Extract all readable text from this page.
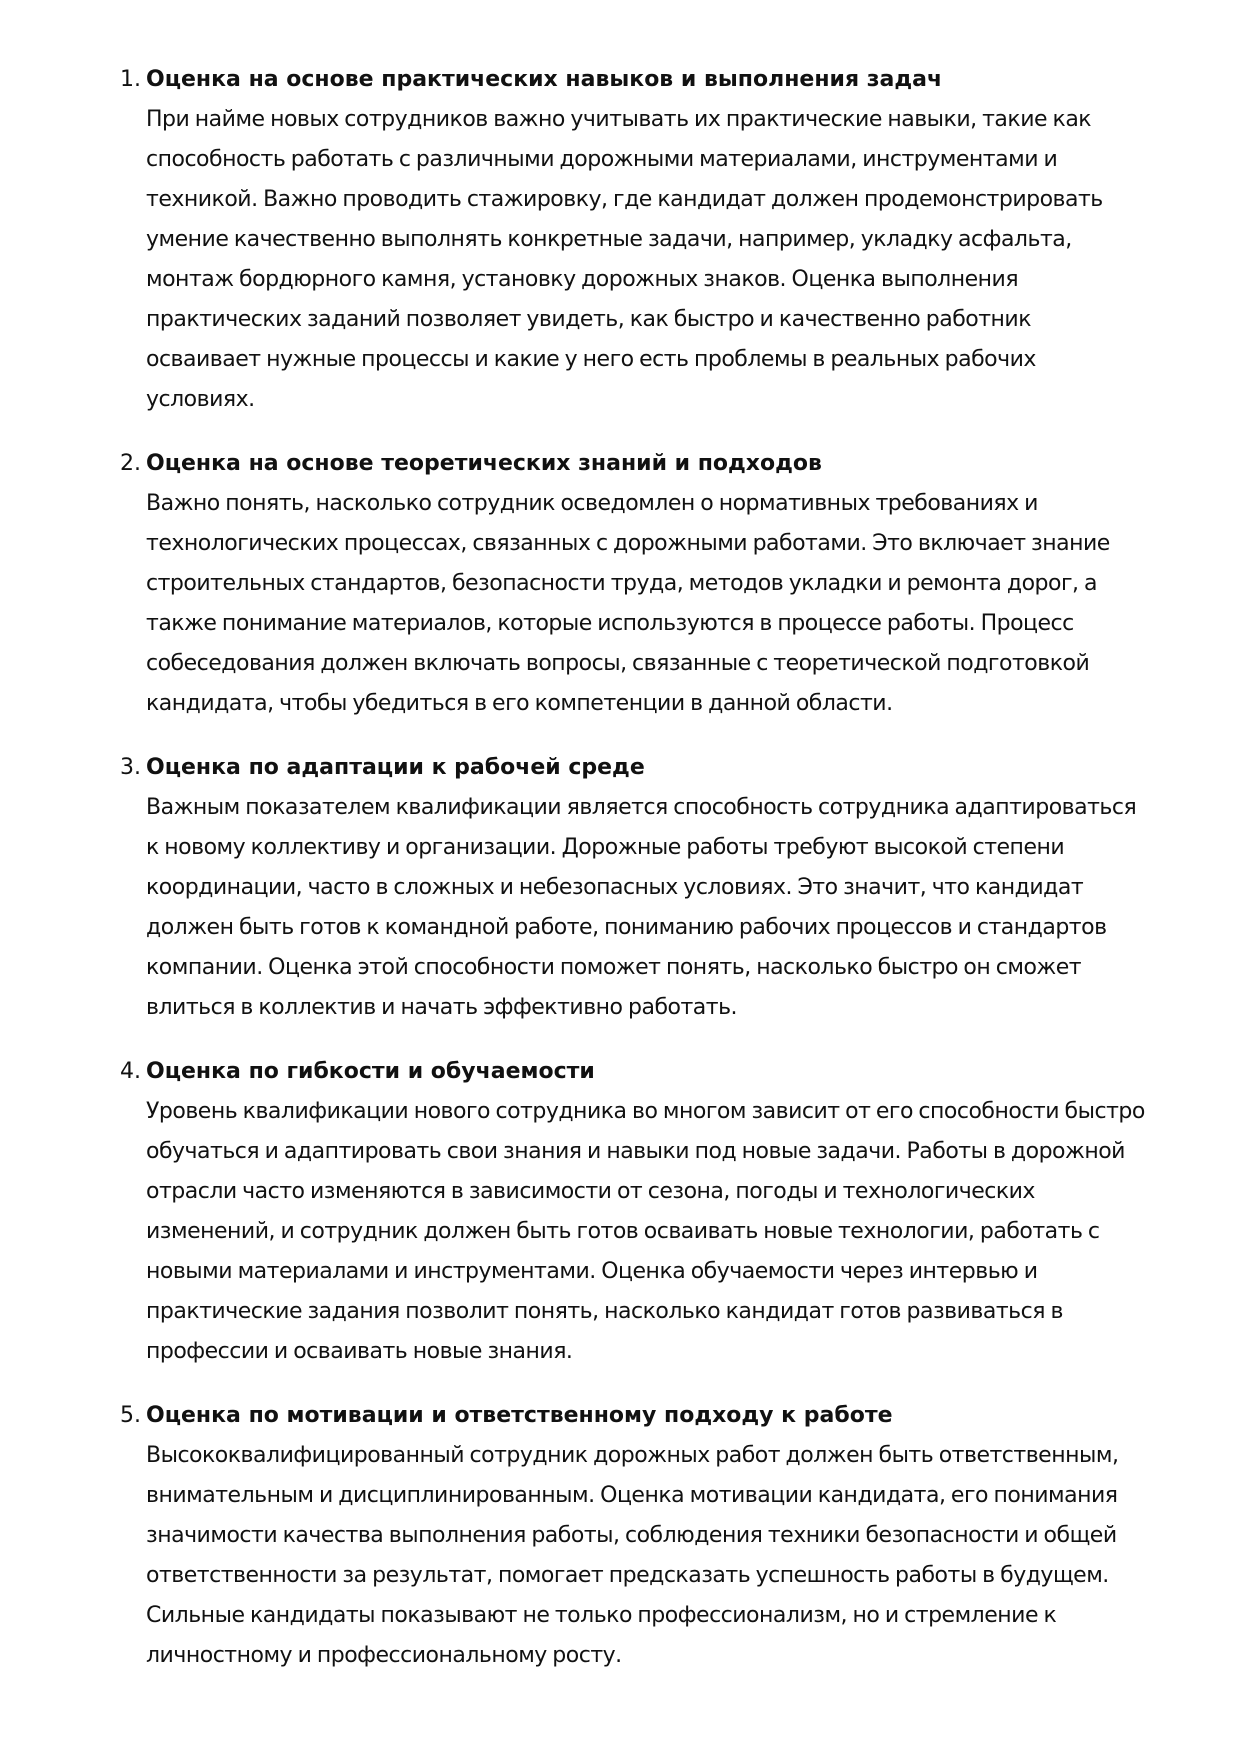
1. Оценка на основе практических навыков и выполнения задач

При найме новых сотрудников важно учитывать их практические навыки, такие как способность работать с различными дорожными материалами, инструментами и техникой. Важно проводить стажировку, где кандидат должен продемонстрировать умение качественно выполнять конкретные задачи, например, укладку асфальта, монтаж бордюрного камня, установку дорожных знаков. Оценка выполнения практических заданий позволяет увидеть, как быстро и качественно работник осваивает нужные процессы и какие у него есть проблемы в реальных рабочих условиях.

2. Оценка на основе теоретических знаний и подходов

Важно понять, насколько сотрудник осведомлен о нормативных требованиях и технологических процессах, связанных с дорожными работами. Это включает знание строительных стандартов, безопасности труда, методов укладки и ремонта дорог, а также понимание материалов, которые используются в процессе работы. Процесс собеседования должен включать вопросы, связанные с теоретической подготовкой кандидата, чтобы убедиться в его компетенции в данной области.

3. Оценка по адаптации к рабочей среде

Важным показателем квалификации является способность сотрудника адаптироваться к новому коллективу и организации. Дорожные работы требуют высокой степени координации, часто в сложных и небезопасных условиях. Это значит, что кандидат должен быть готов к командной работе, пониманию рабочих процессов и стандартов компании. Оценка этой способности поможет понять, насколько быстро он сможет влиться в коллектив и начать эффективно работать.

4. Оценка по гибкости и обучаемости

Уровень квалификации нового сотрудника во многом зависит от его способности быстро обучаться и адаптировать свои знания и навыки под новые задачи. Работы в дорожной отрасли часто изменяются в зависимости от сезона, погоды и технологических изменений, и сотрудник должен быть готов осваивать новые технологии, работать с новыми материалами и инструментами. Оценка обучаемости через интервью и практические задания позволит понять, насколько кандидат готов развиваться в профессии и осваивать новые знания.

5. Оценка по мотивации и ответственному подходу к работе

Высококвалифицированный сотрудник дорожных работ должен быть ответственным, внимательным и дисциплинированным. Оценка мотивации кандидата, его понимания значимости качества выполнения работы, соблюдения техники безопасности и общей ответственности за результат, помогает предсказать успешность работы в будущем. Сильные кандидаты показывают не только профессионализм, но и стремление к личностному и профессиональному росту.
